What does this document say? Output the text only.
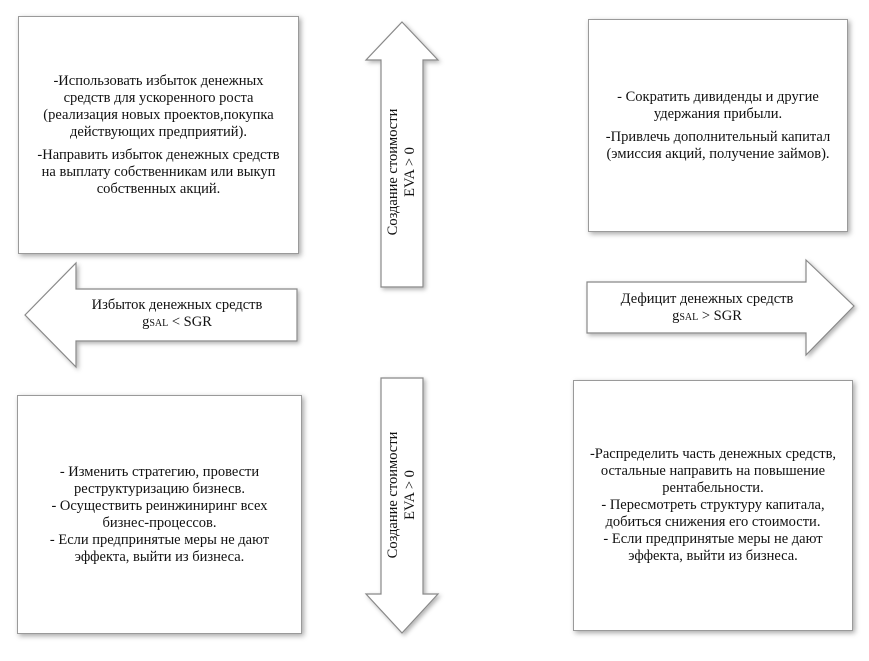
-Использовать избыток денежных средств для ускоренного роста (реализация новых проектов,покупка действующих предприятий).

-Направить избыток денежных средств на выплату собственникам или выкуп собственных акций.

- Сократить дивиденды и другие удержания прибыли.

-Привлечь дополнительный капитал (эмиссия акций, получение займов).

- Изменить стратегию, провести реструктуризацию бизнесв.

- Осуществить реинжиниринг всех бизнес-процессов.

- Если предпринятые меры не дают эффекта, выйти из бизнеса.

-Распределить часть денежных средств, остальные направить на повышение рентабельности.

- Пересмотреть структуру капитала, добиться снижения его стоимости.

- Если предпринятые меры не дают эффекта, выйти из бизнеса.

Создание стоимости EVA > 0
Создание стоимости EVA > 0
Избыток денежных средств
gSAL < SGR
Дефицит денежных средств
gSAL > SGR
